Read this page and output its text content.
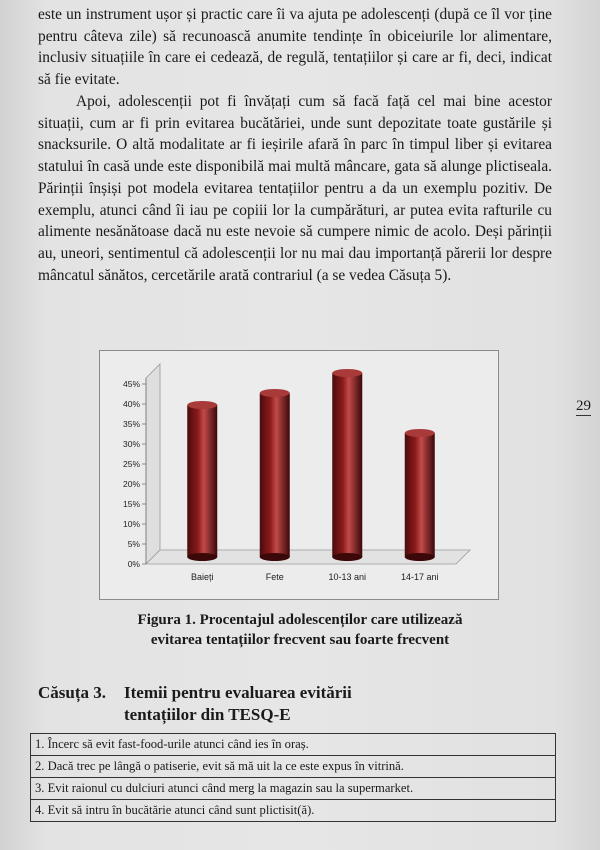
este un instrument ușor și practic care îi va ajuta pe adolescenți (după ce îl vor ține pentru câteva zile) să recunoască anumite tendințe în obiceiurile lor alimentare, inclusiv situațiile în care ei cedează, de regulă, tentațiilor și care ar fi, deci, indicat să fie evitate.

Apoi, adolescenții pot fi învățați cum să facă față cel mai bine acestor situații, cum ar fi prin evitarea bucătăriei, unde sunt depozitate toate gustările și snacksurile. O altă modalitate ar fi ieșirile afară în parc în timpul liber și evitarea statului în casă unde este disponibilă mai multă mâncare, gata să alunge plictiseala. Părinții înșiși pot modela evitarea tentațiilor pentru a da un exemplu pozitiv. De exemplu, atunci când îi iau pe copiii lor la cumpărături, ar putea evita rafturile cu alimente nesănătoase dacă nu este nevoie să cumpere nimic de acolo. Deși părinții au, uneori, sentimentul că adolescenții lor nu mai dau importanță părerii lor despre mâncatul sănătos, cercetările arată contrariul (a se vedea Căsuța 5).

29
0%
5%
10%
15%
20%
25%
30%
35%
40%
45%
Baieți	Fete	10-13 ani	14-17 ani
Figura 1. Procentajul adolescenților care utilizează
evitarea tentațiilor frecvent sau foarte frecvent
Căsuța 3. Itemii pentru evaluarea evitării
tentațiilor din TESQ-E
1. Încerc să evit fast-food-urile atunci când ies în oraș.
2. Dacă trec pe lângă o patiserie, evit să mă uit la ce este expus în vitrină.
3. Evit raionul cu dulciuri atunci când merg la magazin sau la supermarket.
4. Evit să intru în bucătărie atunci când sunt plictisit(ă).
